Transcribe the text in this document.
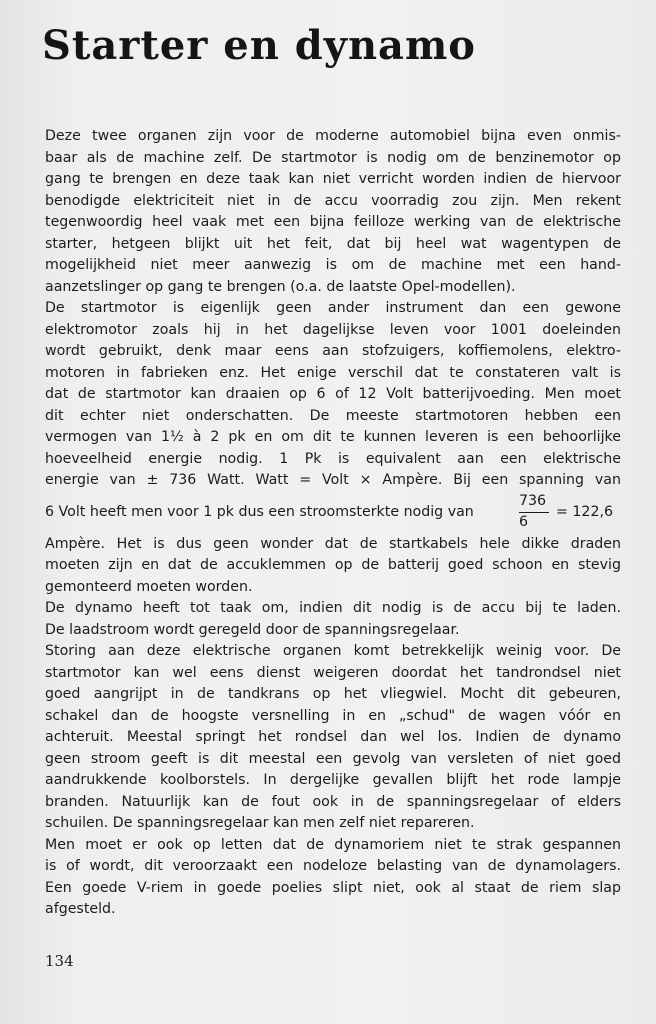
Starter en dynamo
Deze twee organen zijn voor de moderne automobiel bijna even onmis-
baar als de machine zelf. De startmotor is nodig om de benzinemotor op
gang te brengen en deze taak kan niet verricht worden indien de hiervoor
benodigde elektriciteit niet in de accu voorradig zou zijn. Men rekent
tegenwoordig heel vaak met een bijna feilloze werking van de elektrische
starter, hetgeen blijkt uit het feit, dat bij heel wat wagentypen de
mogelijkheid niet meer aanwezig is om de machine met een hand-
aanzetslinger op gang te brengen (o.a. de laatste Opel-modellen).
De startmotor is eigenlijk geen ander instrument dan een gewone
elektromotor zoals hij in het dagelijkse leven voor 1001 doeleinden
wordt gebruikt, denk maar eens aan stofzuigers, koffiemolens, elektro-
motoren in fabrieken enz. Het enige verschil dat te constateren valt is
dat de startmotor kan draaien op 6 of 12 Volt batterijvoeding. Men moet
dit echter niet onderschatten. De meeste startmotoren hebben een
vermogen van 1½ à 2 pk en om dit te kunnen leveren is een behoorlijke
hoeveelheid energie nodig. 1 Pk is equivalent aan een elektrische
energie van ± 736 Watt. Watt = Volt × Ampère. Bij een spanning van
6 Volt heeft men voor 1 pk dus een stroomsterkte nodig van
736
6
= 122,6
Ampère. Het is dus geen wonder dat de startkabels hele dikke draden
moeten zijn en dat de accuklemmen op de batterij goed schoon en stevig
gemonteerd moeten worden.
De dynamo heeft tot taak om, indien dit nodig is de accu bij te laden.
De laadstroom wordt geregeld door de spanningsregelaar.
Storing aan deze elektrische organen komt betrekkelijk weinig voor. De
startmotor kan wel eens dienst weigeren doordat het tandrondsel niet
goed aangrijpt in de tandkrans op het vliegwiel. Mocht dit gebeuren,
schakel dan de hoogste versnelling in en „schud" de wagen vóór en
achteruit. Meestal springt het rondsel dan wel los. Indien de dynamo
geen stroom geeft is dit meestal een gevolg van versleten of niet goed
aandrukkende koolborstels. In dergelijke gevallen blijft het rode lampje
branden. Natuurlijk kan de fout ook in de spanningsregelaar of elders
schuilen. De spanningsregelaar kan men zelf niet repareren.
Men moet er ook op letten dat de dynamoriem niet te strak gespannen
is of wordt, dit veroorzaakt een nodeloze belasting van de dynamolagers.
Een goede V-riem in goede poelies slipt niet, ook al staat de riem slap
afgesteld.
134
